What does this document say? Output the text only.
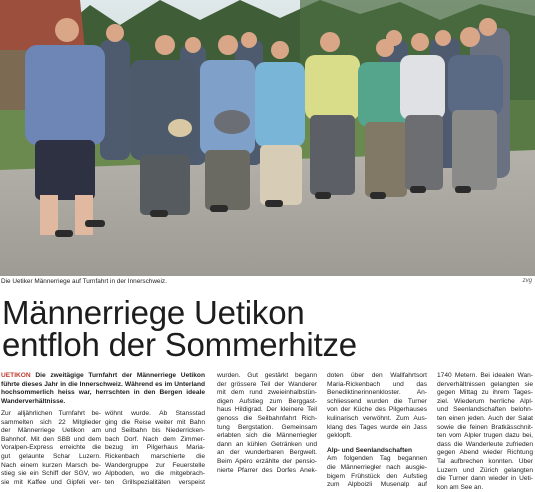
Die Uetiker Männerriege auf Turnfahrt in der Innerschweiz.	zvg
Männerriege Uetikon
entfloh der Sommerhitze
UETIKON Die zweitägige Turnfahrt der Männerriege Uetikon
führte dieses Jahr in die Innerschweiz. Während es im Unterland
hochsommerlich heiss war, herrschten in den Bergen ideale
Wanderverhältnisse.
Zur alljährlichen Turnfahrt be-
sammelten sich 22 Mitglieder
der Männerriege Uetikon am
Bahnhof. Mit den SBB und dem
Voralpen-Express erreichte die
gut gelaunte Schar Luzern.
Nach einem kurzen Marsch be-
stieg sie ein Schiff der SGV, wo
sie mit Kaffee und Gipfeli ver-
wöhnt wurde. Ab Stansstad
ging die Reise weiter mit Bahn
und Seilbahn bis Niederricken-
bach Dorf. Nach dem Zimmer-
bezug im Pilgerhaus Maria-
Rickenbach marschierte die
Wandergruppe zur Feuerstelle
Alpboden, wo die mitgebrach-
ten Grillspezialitäten verspeist
wurden. Gut gestärkt begann
der grössere Teil der Wanderer
mit dem rund zweieinhalbstün-
digen Aufstieg zum Berggast-
haus Hildigrad. Der kleinere Teil
genoss die Seilbahnfahrt Rich-
tung Bergstation. Gemeinsam
erlabten sich die Männerriegler
dann an kühlen Getränken und
an der wunderbaren Bergwelt.
Beim Apéro erzählte der pensio-
nierte Pfarrer des Dorfes Anek-
doten über den Wallfahrtsort
Maria-Rickenbach und das
Benediktinerinnenkloster. An-
schliessend wurden die Turner
von der Küche des Pilgerhauses
kulinarisch verwöhnt. Zum Aus-
klang des Tages wurde ein Jass
geklopft.
Alp- und Seenlandschaften
Am folgenden Tag begannen
die Männerriegler nach ausgie-
bigem Frühstück den Aufstieg
zum Alpboizli Musenalp auf
1740 Metern. Bei idealen Wan-
derverhältnissen gelangten sie
gegen Mittag zu ihrem Tages-
ziel. Wiederum herrliche Alpl-
und Seenlandschaften belohn-
ten einen jeden. Auch der Salat
sowie die feinen Bratkässchnit-
ten vom Älpler trugen dazu bei,
dass die Wanderleute zufrieden
gegen Abend wieder Richtung
Tal aufbrechen konnten. Über
Luzern und Zürich gelangten
die Turner dann wieder in Ueti-
kon am See an.
